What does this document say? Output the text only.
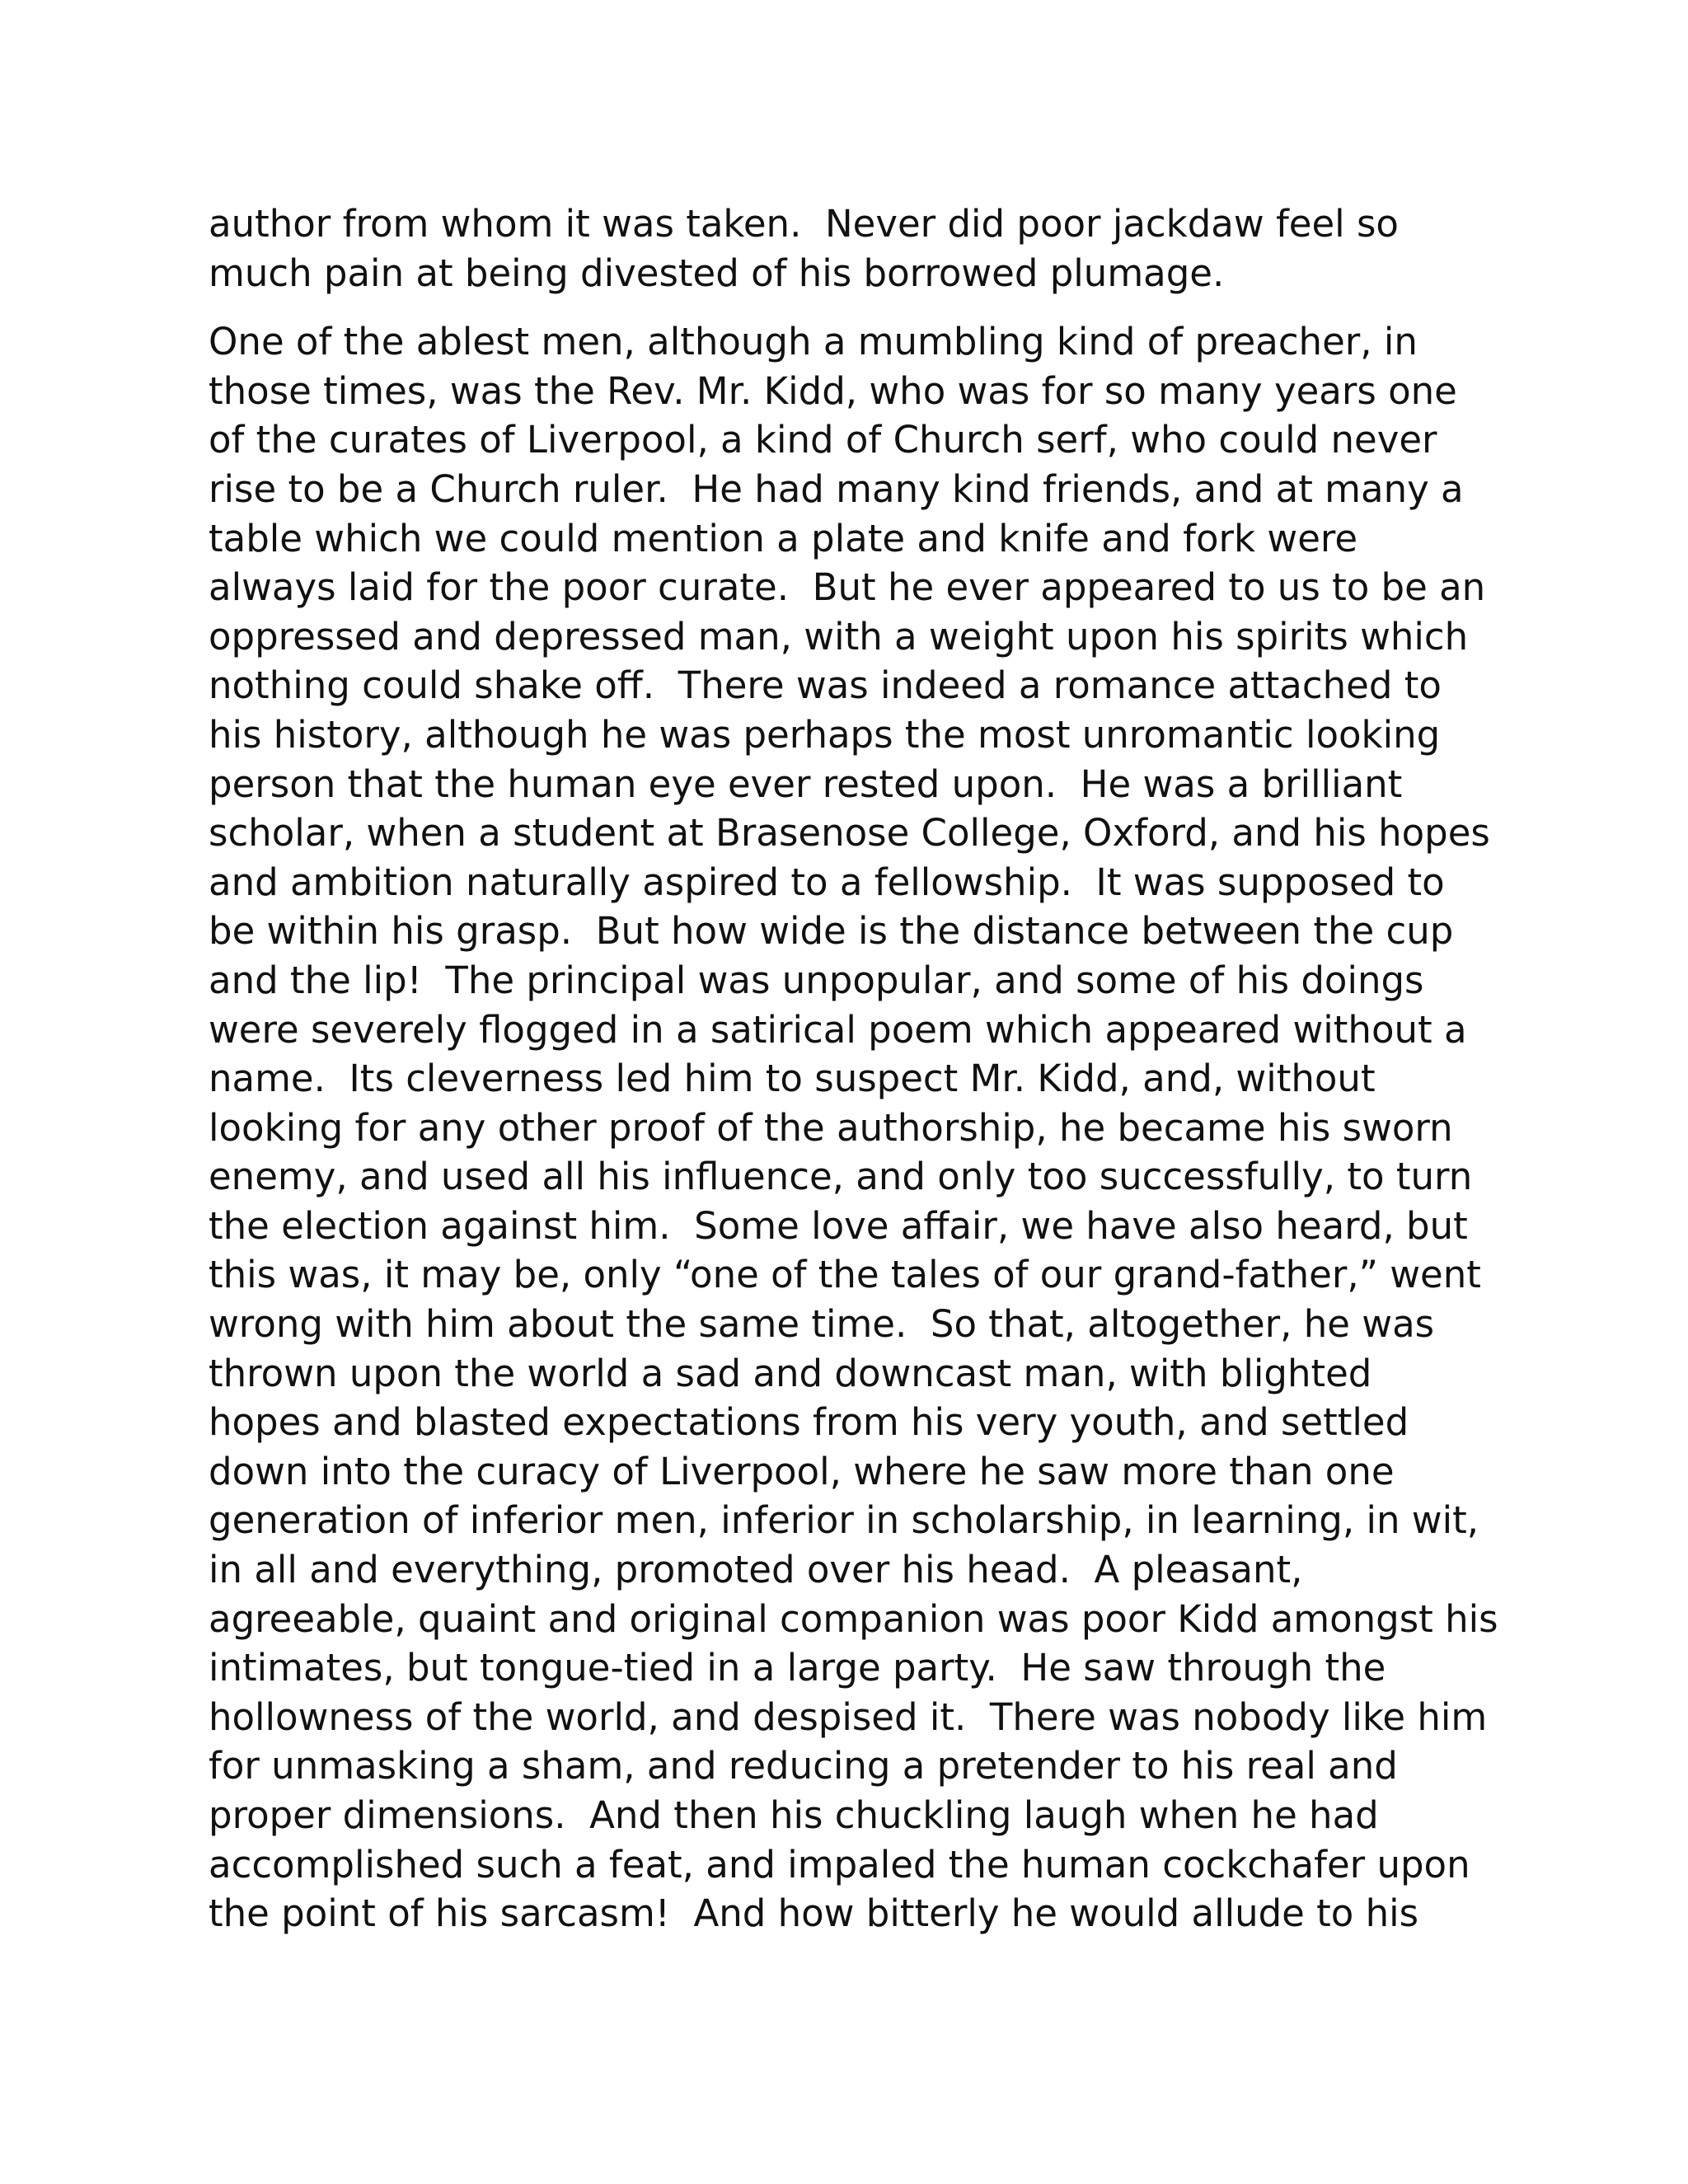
author from whom it was taken.  Never did poor jackdaw feel so
much pain at being divested of his borrowed plumage.

One of the ablest men, although a mumbling kind of preacher, in
those times, was the Rev. Mr. Kidd, who was for so many years one
of the curates of Liverpool, a kind of Church serf, who could never
rise to be a Church ruler.  He had many kind friends, and at many a
table which we could mention a plate and knife and fork were
always laid for the poor curate.  But he ever appeared to us to be an
oppressed and depressed man, with a weight upon his spirits which
nothing could shake off.  There was indeed a romance attached to
his history, although he was perhaps the most unromantic looking
person that the human eye ever rested upon.  He was a brilliant
scholar, when a student at Brasenose College, Oxford, and his hopes
and ambition naturally aspired to a fellowship.  It was supposed to
be within his grasp.  But how wide is the distance between the cup
and the lip!  The principal was unpopular, and some of his doings
were severely flogged in a satirical poem which appeared without a
name.  Its cleverness led him to suspect Mr. Kidd, and, without
looking for any other proof of the authorship, he became his sworn
enemy, and used all his influence, and only too successfully, to turn
the election against him.  Some love affair, we have also heard, but
this was, it may be, only “one of the tales of our grand-father,” went
wrong with him about the same time.  So that, altogether, he was
thrown upon the world a sad and downcast man, with blighted
hopes and blasted expectations from his very youth, and settled
down into the curacy of Liverpool, where he saw more than one
generation of inferior men, inferior in scholarship, in learning, in wit,
in all and everything, promoted over his head.  A pleasant,
agreeable, quaint and original companion was poor Kidd amongst his
intimates, but tongue-tied in a large party.  He saw through the
hollowness of the world, and despised it.  There was nobody like him
for unmasking a sham, and reducing a pretender to his real and
proper dimensions.  And then his chuckling laugh when he had
accomplished such a feat, and impaled the human cockchafer upon
the point of his sarcasm!  And how bitterly he would allude to his
